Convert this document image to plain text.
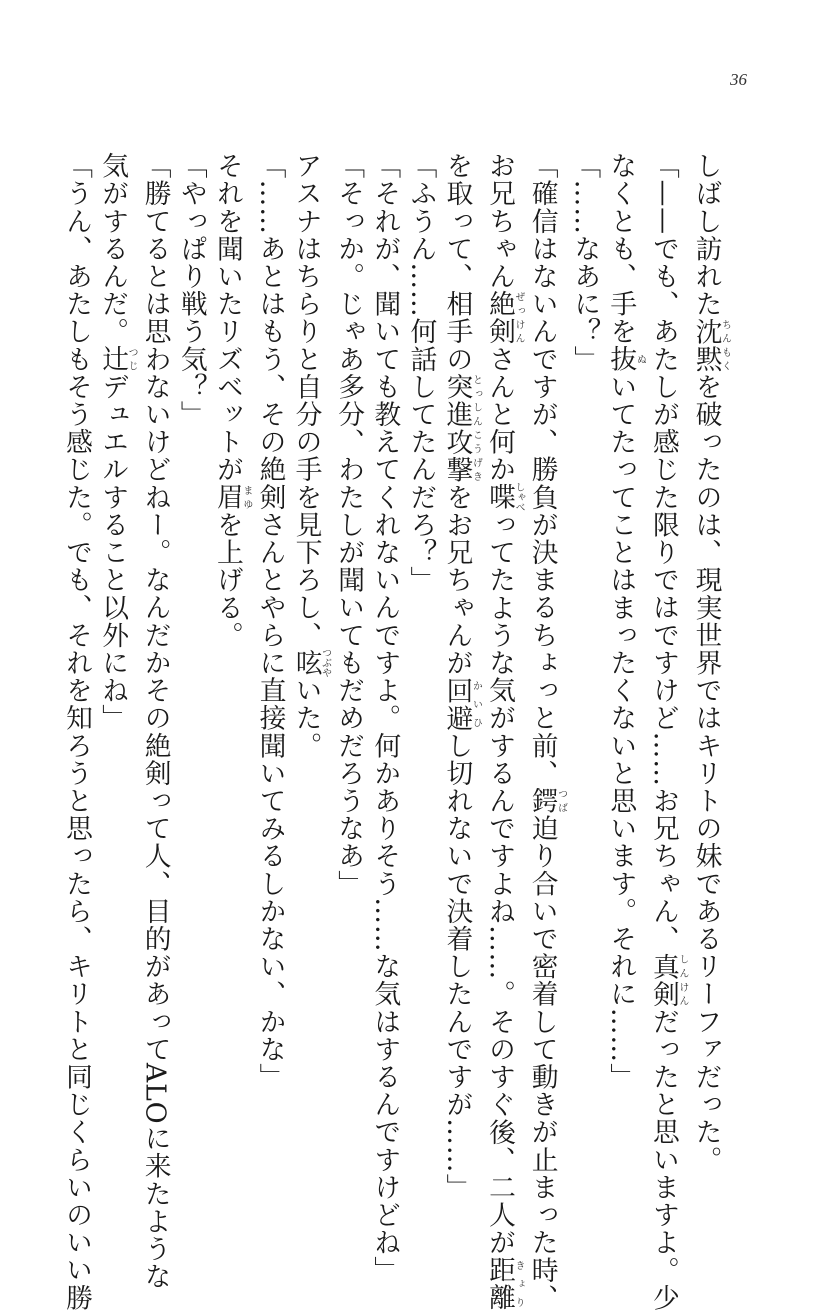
36
しばし訪れた沈黙ちんもくを破ったのは、現実世界ではキリトの妹であるリーファだった。
「——でも、あたしが感じた限りではですけど……お兄ちゃん、真剣しんけんだったと思いますよ。少
なくとも、手を抜ぬいてたってことはまったくないと思います。それに……」
「……なあに？」
「確信はないんですが、勝負が決まるちょっと前、鍔つば迫り合いで密着して動きが止まった時、
お兄ちゃん絶剣ぜっけんさんと何か喋しゃべってたような気がするんですよね……。そのすぐ後、二人が距離きょり
を取って、相手の突進攻撃とっしんこうげきをお兄ちゃんが回避かいひし切れないで決着したんですが……」
「ふうん……何話してたんだろ？」
「それが、聞いても教えてくれないんですよ。何かありそう……な気はするんですけどね」
「そっか。じゃあ多分、わたしが聞いてもだめだろうなあ」
アスナはちらりと自分の手を見下ろし、呟つぶやいた。
「……あとはもう、その絶剣さんとやらに直接聞いてみるしかない、かな」
それを聞いたリズベットが眉まゆを上げる。
「やっぱり戦う気？」
「勝てるとは思わないけどねー。なんだかその絶剣って人、目的があってALOに来たような
気がするんだ。辻つじデュエルすること以外にね」
「うん、あたしもそう感じた。でも、それを知ろうと思ったら、キリトと同じくらいのいい勝
